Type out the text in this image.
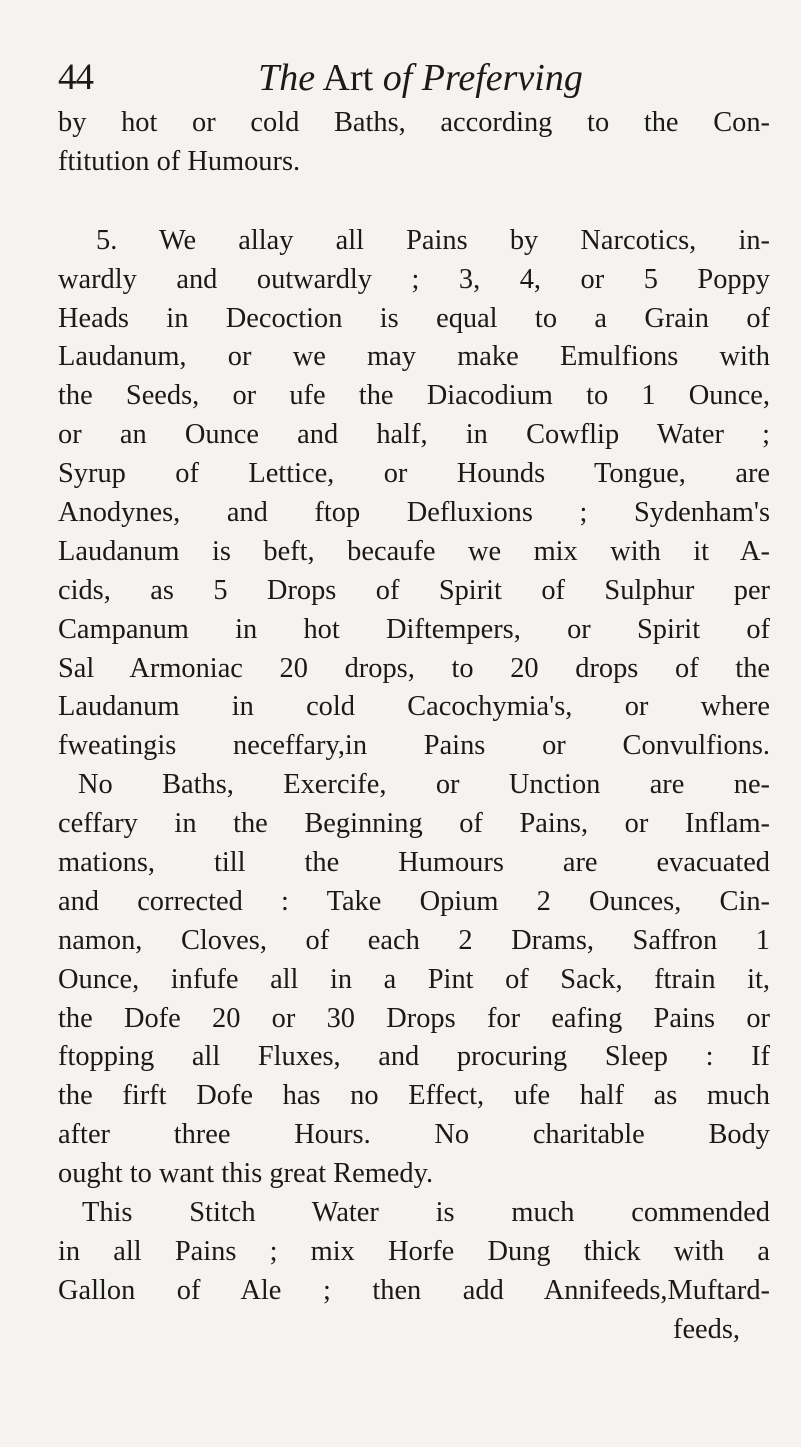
44	The Art of Preferving
by hot or cold Baths, according to the Con-
ftitution of Humours.
5. We allay all Pains by Narcotics, in-
wardly and outwardly ; 3, 4, or 5 Poppy
Heads in Decoction is equal to a Grain of
Laudanum, or we may make Emulfions with
the Seeds, or ufe the Diacodium to 1 Ounce,
or an Ounce and half, in Cowflip Water ;
Syrup of Lettice, or Hounds Tongue, are
Anodynes, and ftop Defluxions ; Sydenham's
Laudanum is beft, becaufe we mix with it A-
cids, as 5 Drops of Spirit of Sulphur per
Campanum in hot Diftempers, or Spirit of
Sal Armoniac 20 drops, to 20 drops of the
Laudanum in cold Cacochymia's, or where
fweatingis neceffary,in Pains or Convulfions.
No Baths, Exercife, or Unction are ne-
ceffary in the Beginning of Pains, or Inflam-
mations, till the Humours are evacuated
and corrected : Take Opium 2 Ounces, Cin-
namon, Cloves, of each 2 Drams, Saffron 1
Ounce, infufe all in a Pint of Sack, ftrain it,
the Dofe 20 or 30 Drops for eafing Pains or
ftopping all Fluxes, and procuring Sleep : If
the firft Dofe has no Effect, ufe half as much
after three Hours. No charitable Body
ought to want this great Remedy.
This Stitch Water is much commended
in all Pains ; mix Horfe Dung thick with a
Gallon of Ale ; then add Annifeeds,Muftard-
feeds,
